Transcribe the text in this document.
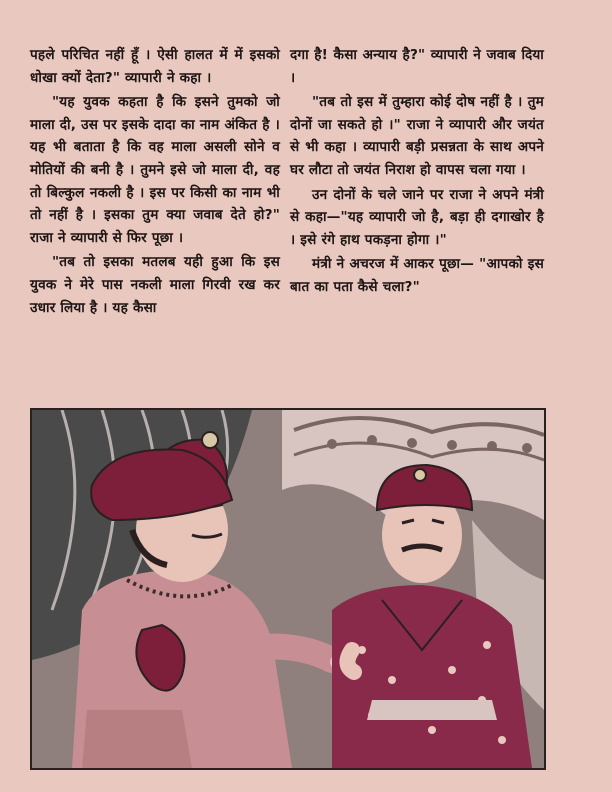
पहले परिचित नहीं हूँ । ऐसी हालत में में इसको धोखा क्यों देता?" व्यापारी ने कहा ।

"यह युवक कहता है कि इसने तुमको जो माला दी, उस पर इसके दादा का नाम अंकित है । यह भी बताता है कि वह माला असली सोने व मोतियों की बनी है । तुमने इसे जो माला दी, वह तो बिल्कुल नकली है । इस पर किसी का नाम भी तो नहीं है । इसका तुम क्या जवाब देते हो?" राजा ने व्यापारी से फिर पूछा ।

"तब तो इसका मतलब यही हुआ कि इस युवक ने मेरे पास नकली माला गिरवी रख कर उधार लिया है । यह कैसा

दगा है! कैसा अन्याय है?" व्यापारी ने जवाब दिया ।

"तब तो इस में तुम्हारा कोई दोष नहीं है । तुम दोनों जा सकते हो ।" राजा ने व्यापारी और जयंत से भी कहा । व्यापारी बड़ी प्रसन्नता के साथ अपने घर लौटा तो जयंत निराश हो वापस चला गया ।

उन दोनों के चले जाने पर राजा ने अपने मंत्री से कहा—"यह व्यापारी जो है, बड़ा ही दगाखोर है । इसे रंगे हाथ पकड़ना होगा ।"

मंत्री ने अचरज में आकर पूछा— "आपको इस बात का पता कैसे चला?"
